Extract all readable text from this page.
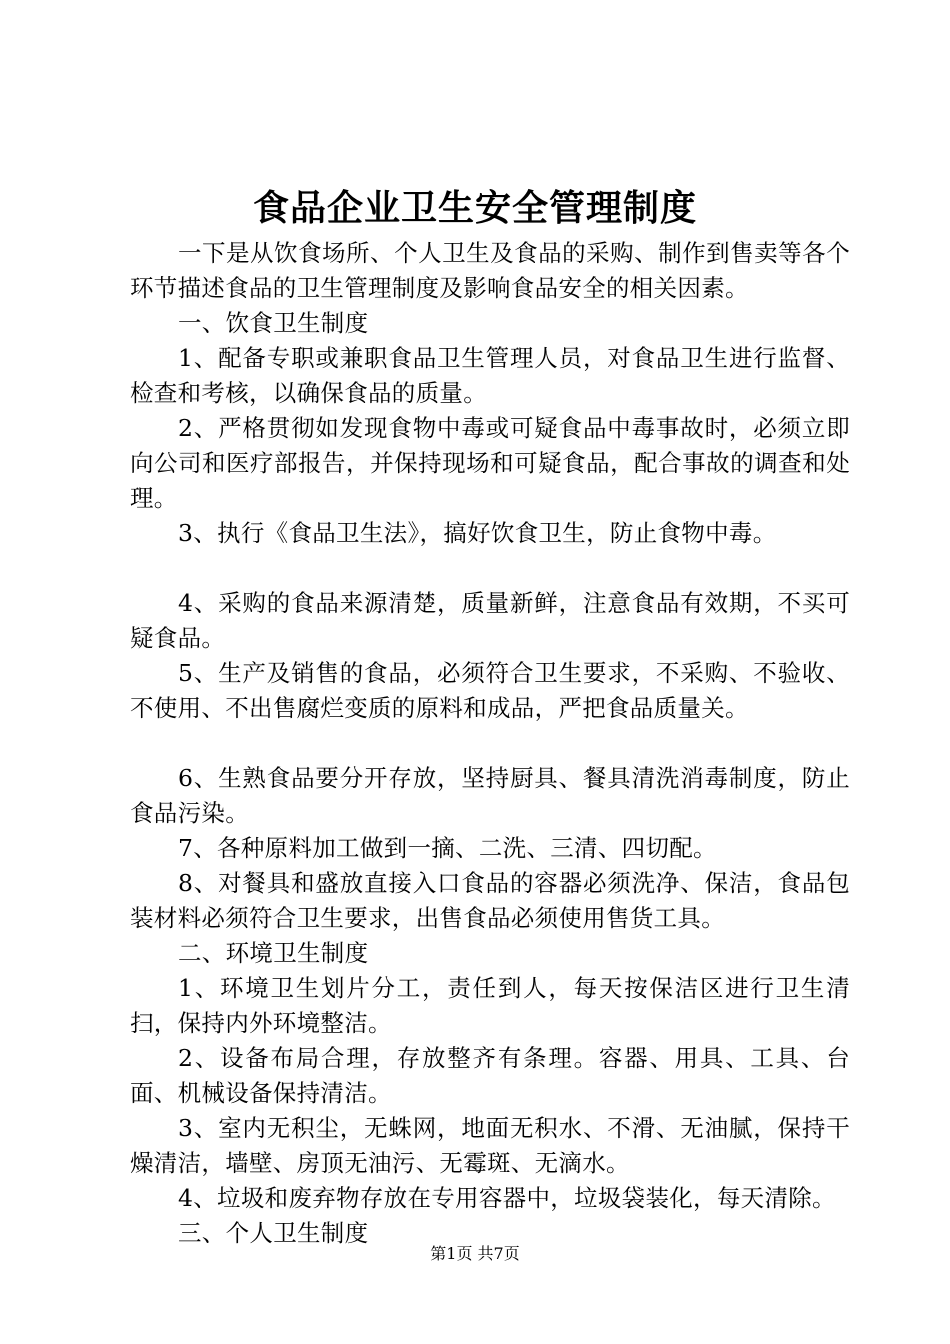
食品企业卫生安全管理制度

一下是从饮食场所、个人卫生及食品的采购、制作到售卖等各个环节描述食品的卫生管理制度及影响食品安全的相关因素。

一、饮食卫生制度

1、配备专职或兼职食品卫生管理人员，对食品卫生进行监督、检查和考核，以确保食品的质量。

2、严格贯彻如发现食物中毒或可疑食品中毒事故时，必须立即向公司和医疗部报告，并保持现场和可疑食品，配合事故的调查和处理。

3、执行《食品卫生法》，搞好饮食卫生，防止食物中毒。

4、采购的食品来源清楚，质量新鲜，注意食品有效期，不买可疑食品。

5、生产及销售的食品，必须符合卫生要求，不采购、不验收、不使用、不出售腐烂变质的原料和成品，严把食品质量关。

6、生熟食品要分开存放，坚持厨具、餐具清洗消毒制度，防止食品污染。

7、各种原料加工做到一摘、二洗、三清、四切配。

8、对餐具和盛放直接入口食品的容器必须洗净、保洁，食品包装材料必须符合卫生要求，出售食品必须使用售货工具。

二、环境卫生制度

1、环境卫生划片分工，责任到人，每天按保洁区进行卫生清扫，保持内外环境整洁。

2、设备布局合理，存放整齐有条理。容器、用具、工具、台面、机械设备保持清洁。

3、室内无积尘，无蛛网，地面无积水、不滑、无油腻，保持干燥清洁，墙壁、房顶无油污、无霉斑、无滴水。

4、垃圾和废弃物存放在专用容器中，垃圾袋装化，每天清除。

三、个人卫生制度

第1页 共7页
